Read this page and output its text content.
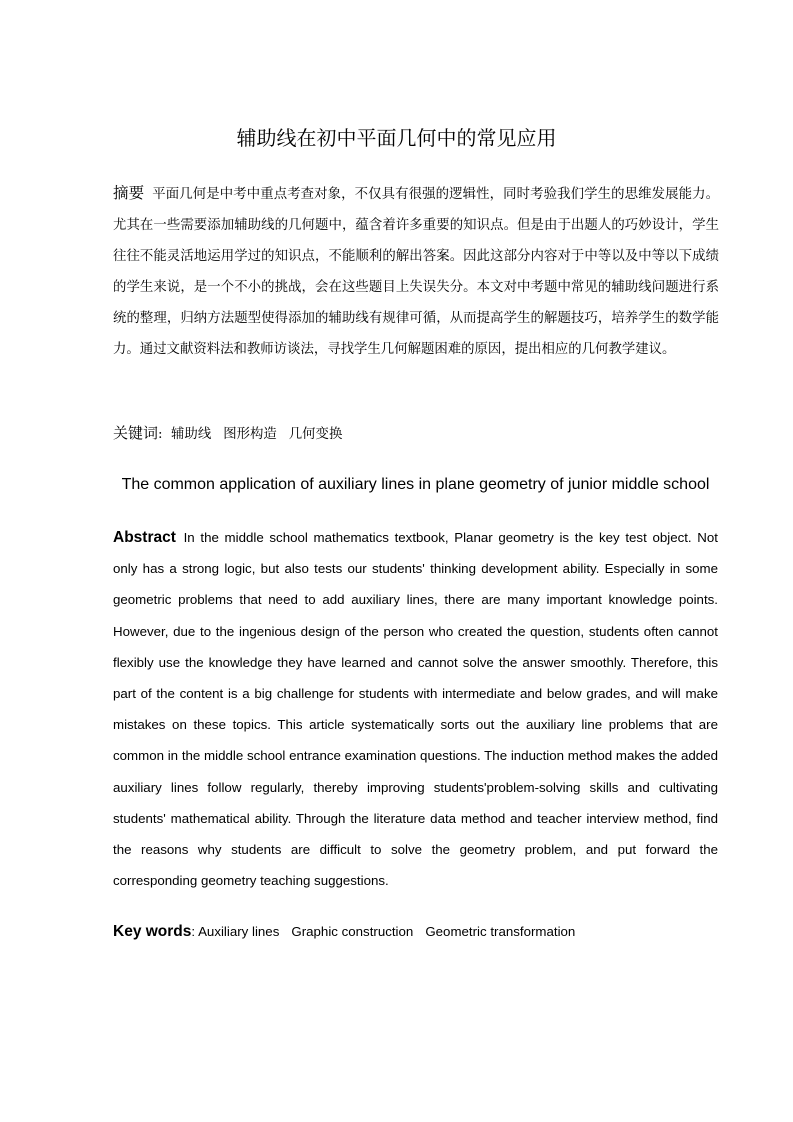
辅助线在初中平面几何中的常见应用

摘要 平面几何是中考中重点考查对象，不仅具有很强的逻辑性，同时考验我们学生的思维发展能力。尤其在一些需要添加辅助线的几何题中，蕴含着许多重要的知识点。但是由于出题人的巧妙设计，学生往往不能灵活地运用学过的知识点，不能顺利的解出答案。因此这部分内容对于中等以及中等以下成绩的学生来说，是一个不小的挑战，会在这些题目上失误失分。本文对中考题中常见的辅助线问题进行系统的整理，归纳方法题型使得添加的辅助线有规律可循，从而提高学生的解题技巧，培养学生的数学能力。通过文献资料法和教师访谈法，寻找学生几何解题困难的原因，提出相应的几何教学建议。

关键词: 辅助线 图形构造 几何变换

The common application of auxiliary lines in plane geometry of junior middle school

Abstract In the middle school mathematics textbook, Planar geometry is the key test object. Not only has a strong logic, but also tests our students' thinking development ability. Especially in some geometric problems that need to add auxiliary lines, there are many important knowledge points. However, due to the ingenious design of the person who created the question, students often cannot flexibly use the knowledge they have learned and cannot solve the answer smoothly. Therefore, this part of the content is a big challenge for students with intermediate and below grades, and will make mistakes on these topics. This article systematically sorts out the auxiliary line problems that are common in the middle school entrance examination questions. The induction method makes the added auxiliary lines follow regularly, thereby improving students'problem-solving skills and cultivating students' mathematical ability. Through the literature data method and teacher interview method, find the reasons why students are difficult to solve the geometry problem, and put forward the corresponding geometry teaching suggestions.

Key words: Auxiliary lines Graphic construction Geometric transformation
